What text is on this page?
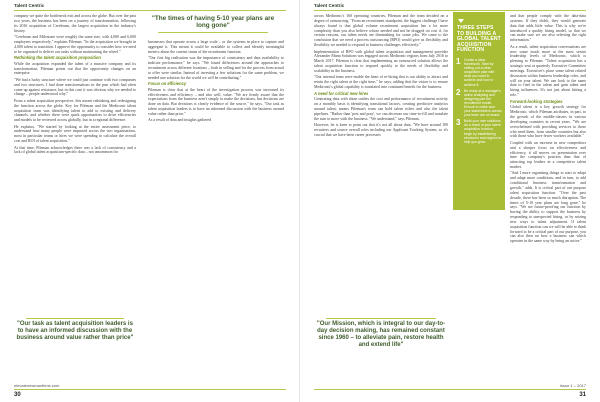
Talent Centric

company we quite the bottleneck exit and across the globe. But over the past two years, the business has been on a journey of transformation, following its 2016 acquisition of Cerebrum, the largest acquisition in the industry's history.

"Cerebrum and Milestone were roughly the same size, with 4,000 and 6,000 employees respectively," explains Pileman. "In the acquisition we brought in 4,000 talent to transition. I approve the opportunity to consider how we need to be organised to deliver our tasks without maintaining the wheel."

Rethinking the talent acquisition proposition

While the acquisition expanded the talent of a massive company and its transformation, Pileman points out that the opportunity changes on an enterprise.

"We had a lucky structure where we could just continue with two companies and two structures. I had done transformations in the past which had often come up against resistance, but in this case it was obvious why we needed to change – people understood why."

From a talent acquisition perspective, this meant rethinking and redesigning the function across the globe. Key for Pileman and the Medtronic talent acquisition team was identifying talent to add to existing and delivery channels, and whether there were quick opportunities to drive efficiencies and models to be reviewed across globally, but in a regional difference.

He explains: "We started by looking at the entire assessment piece, to understand how many people were impacted across the two organisations, most in particular teams or hires we were spending to calculate the overall cost and ROI of talent acquisition."

At that time, Pileman acknowledges there was a lack of consistency and a lack of global talent acquisition-specific data – not uncommon for

"The times of having 5-10 year plans are long gone"

businesses that operate across a large scale – or the systems in place to capture and aggregate it. This meant it could be available to collect and identify meaningful metrics about the current status of the recruitment function.

"Our first big realisation was the importance of consistency and data availability to indicate performance," he says. "We found differences around the approaches to recruitment across different locations – both in selling and for the process from actual to offer were similar. Instead of investing a few solutions for the same problem, we needed one solution for the world we will be contributing."

Focus on efficiency

Pileman is clear that at the heart of the investigation process was increased its effectiveness and efficiency – and also well, value. "We are firmly aware that the expectations from the business aren't simply to make the decisions, but decisions are done on data. But decisions is clearly evidence of the source," he says. "Our task as talent acquisition leaders is to have an informed discussion with the business around value rather than price."

As a result of data and insights gathered

"Our task as talent acquisition leaders is to have an informed discussion with the business around value rather than price"
elevatenewmanfirms.com
30
Talent Centric

across Medtronic's 160 operating countries, Pileman and the team decided on a degree of outsourcing. "From an recruitment standpoint, the biggest challenge I have always found is that global volume recruitment acquisition has a lot more complexity than you also believe whose needed and not be dragged on cost if, for certain reasons, our talent needs are diminishing for some jobs. We came to the conclusion that we need a process outsourcing (RPO) would give us flexibility and flexibility we needed to respond to business challenges effectively."

Implementation of RPO with global talent acquisition and management provider Alexander Mann Solutions was engaged across Medtronic regions from July 2016 to March 2017. Pileman is clear that implementing an outsourced solution allows the talent acquisition function to respond quickly to the needs of flexibility and scalability in the business.

"Our internal team were enable the heart of re-hiring that is our ability to attract and retain the right talent at the right time," he says, adding that the vision is to ensure Medtronic's global capability is translated into continued benefit for the business.

A need for critical new hires

Generating data with shine outlets the cost and performance of recruitment activity on a monthly basis is identifying transitional factors, creating predictive analytics around talent, means Pileman's team can hold talent richer and also the talent pipelines. "Rather than 'post and pray', we can decrease our time-to-fill and translate the turn to more with the business. "We understand," says Pileman.

However, he is keen to point out that it's not all about data. "We have around 100 recruiters and source overall roles including our Applicant Tracking System, so it's crucial that we have been career processes

"Our Mission, which is integral to our day-to-day decision making, has remained constant since 1960 – to alleviate pain, restore health and extend life"

and that people comply with the data-data systems. If they didn't, they would generate data that adds little value. This is why we're introduced a quality hiring model, so that we can make sure we are also selecting the right information."

As a result, talent acquisition conversations are now some much more at the most senior leadership levels of Medtronic, which is pleasing to Pileman. "Talent acquisition has a strategic seat at quarterly Executive Committee meetings. Executive's place some talent related discussion within business leadership roles, and will on your talent. We can look to the same data to find in the talent and gain talent and hiring influences. It's not just about hitting a role."

Forward-looking strategies

Global talent is a key growth strategy for Medtronic, which Pileman attributes, in part, to the growth of the middle-classes in various developing countries in recent years. "We are overwhelmed with providing services to those who need them, from smaller countries but also with those who have fewer workers available."

Coupled with an increase in new competitors and a sharper focus on effectiveness and efficiency, it all moves on presentation over time the company's position than that of attracting top leaders in a competitive talent market.

"And I more organising things to start to adapt and adapt more conditions, and in turn, to add conditional business transformation and growth," adds. It is critical part of our purpose talent acquisition function. "Over the past decade, there has been so much disruption. The times of 5-10 year plans are long gone," he says. "We are future-proofing our function by having the ability to support the business by responding to unexpected hiring, or by seizing new ways to talent adjustment. If talent acquisition function can we will be able to think forward to be a critical part of our purpose, you can also then on how a business can which operates in the same way by being an active."

Issue 1 – 2017
31
THREE STEPS TO BUILDING A GLOBAL TALENT ACQUISITION FUNCTION
1	Create a clear framework. Start by setting out a clear acquisition plan with what you want to achieve and how to achieve it.
2	Be ready at a manager's active analysing and designing part the recruitment model. Ensure to make sure your stakeholders across your team are on board.
3	Build your own solutions. As a result of your talent acquisition function, begin by establishing structures and regions to help you grow.
